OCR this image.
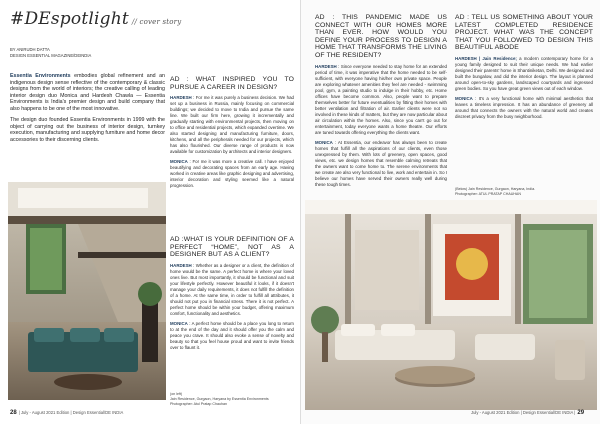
#DEspotlight // cover story
BY ANIRUDH DATTA
DESIGN ESSENTIAL MAGAZINE/DEINDIA

Essentia Environments embodies global refinement and an indigenous design sense reflective of the contemporary & classic designs from the world of interiors; the creative calling of leading interior design duo Monica and Hardesh Chawla — Essentia Environments is India's premier design and build company that also happens to be one of the most innovative.

The design duo founded Essentia Environments in 1999 with the object of carrying out the business of interior design, turnkey execution, manufacturing and supplying furniture and home decor accessories to their discerning clients.

AD : WHAT INSPIRED YOU TO PURSUE A CAREER IN DESIGN?

HARDESH : For me it was purely a business decision. We had set up a business in Russia, mainly focusing on commercial buildings; we decided to move to India and pursue the same line. We built our firm here, growing it incrementally and gradually starting with environmental projects, then moving on to office and residential projects, which expanded overtime. We also started designing and manufacturing furniture, doors, kitchens, and all the peripherals needed for our projects, which has also flourished. Our diverse range of products is now available for customization by architects and interior designers.

MONICA : For me it was more a creative call. I have enjoyed beautifying and decorating spaces from an early age. Having worked in creative areas like graphic designing and advertising, interior decoration and styling seemed like a natural progression.

AD :WHAT IS YOUR DEFINITION OF A PERFECT “HOME”, NOT AS A DESIGNER BUT AS A CLIENT?

HARDESH : Whether as a designer or a client, the definition of home would be the same. A perfect home is where your loved ones live. But most importantly, it should be functional and suit your lifestyle perfectly. However beautiful it looks, if it doesn't manage your daily requirements, it does not fulfill the definition of a home. At the same time, in order to fulfill all attributes, it should not put you in financial stress. There it is not perfect. A perfect home should be within your budget, offering maximum comfort, functionality and aesthetics.

MONICA : A perfect home should be a place you long to return to at the end of the day and it should offer you the calm and peace you crave. It should also evoke a sense of novelty and beauty so that you feel house proud and want to invite friends over to flaunt it.

(on left)
Jain Residence, Gurgaon, Haryana by Essentia Environments
Photographer: Atul Pratap Chauhan
28 | July - August 2021 Edition | Design Essential/DE INDIA
AD : THIS PANDEMIC MADE US CONNECT WITH OUR HOMES MORE THAN EVER. HOW WOULD YOU DEFINE YOUR PROCESS TO DESIGN A HOME THAT TRANSFORMS THE LIVING OF THE RESIDENT?

HARDESH : Since everyone needed to stay home for an extended period of time, it was imperative that the home needed to be self-sufficient, with everyone having his/her own private space. People are exploring whatever amenities they feel are needed - swimming pool, gym, a painting studio to indulge in their hobby, etc. Home offices have become common. Also, people want to prepare themselves better for future eventualities by fitting their homes with better ventilation and filtration of air. Earlier clients were not so involved in these kinds of matters, but they are now particular about air circulation within the homes. Also, since you can't go out for entertainment, today everyone wants a home theatre. Our efforts are tuned towards offering everything the clients want.

MONICA : At Essentia, our endeavor has always been to create homes that fulfill all the aspirations of our clients, even those unexpressed by them. With lots of greenery, open spaces, good views, etc. we design homes that resemble calming retreats that the owners want to come home to. The serene environments that we create are also very functional to live, work and entertain in. So I believe our homes have served their owners really well during these tough times.

AD : TELL US SOMETHING ABOUT YOUR LATEST COMPLETED RESIDENCE PROJECT. WHAT WAS THE CONCEPT THAT YOU FOLLOWED TO DESIGN THIS BEAUTIFUL ABODE

HARDESH | Jain Residence; a modern contemporary home for a young family designed to suit their unique needs. We had earlier designed their parents' home in Shantiniketan, Delhi. We designed and built the bungalow, and did the interior design. The layout is planned around open-to-sky gardens, landscaped courtyards and ingressed green bodies. So you have great green views out of each window.

MONICA : It's a very functional home with minimal aesthetics that leaves a timeless impression. It has an abundance of greenery all around that connects the owners with the natural world and creates discreet privacy from the busy neighborhood.

(Below) Jain Residence, Gurgaon, Haryana, India.
Photographer: ATUL PRATAP CHAUHAN
July - August 2021 Edition | Design Essential/DE INDIA | 29
